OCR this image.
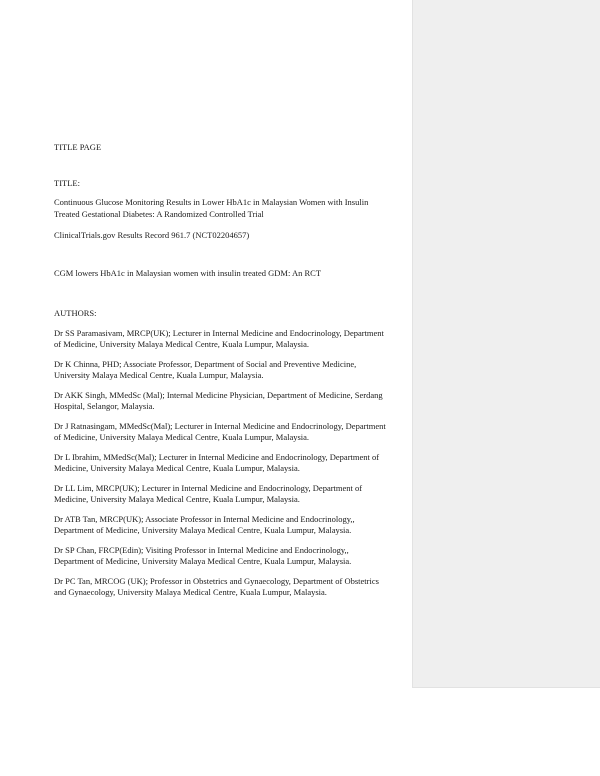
TITLE PAGE

TITLE:

Continuous Glucose Monitoring Results in Lower HbA1c in Malaysian Women with Insulin

Treated Gestational Diabetes: A Randomized Controlled Trial

ClinicalTrials.gov Results Record 961.7 (NCT02204657)

CGM lowers HbA1c in Malaysian women with insulin treated GDM: An RCT

AUTHORS:

Dr SS Paramasivam, MRCP(UK); Lecturer in Internal Medicine and Endocrinology, Department

of Medicine, University Malaya Medical Centre, Kuala Lumpur, Malaysia.

Dr K Chinna, PHD; Associate Professor, Department of Social and Preventive Medicine,

University Malaya Medical Centre, Kuala Lumpur, Malaysia.

Dr AKK Singh, MMedSc (Mal); Internal Medicine Physician, Department of Medicine, Serdang

Hospital, Selangor, Malaysia.

Dr J Ratnasingam, MMedSc(Mal); Lecturer in Internal Medicine and Endocrinology, Department

of Medicine, University Malaya Medical Centre, Kuala Lumpur, Malaysia.

Dr L Ibrahim, MMedSc(Mal); Lecturer in Internal Medicine and Endocrinology, Department of

Medicine, University Malaya Medical Centre, Kuala Lumpur, Malaysia.

Dr LL Lim, MRCP(UK); Lecturer in Internal Medicine and Endocrinology, Department of

Medicine, University Malaya Medical Centre, Kuala Lumpur, Malaysia.

Dr ATB Tan, MRCP(UK); Associate Professor in Internal Medicine and Endocrinology,,

Department of Medicine, University Malaya Medical Centre, Kuala Lumpur, Malaysia.

Dr SP Chan, FRCP(Edin); Visiting Professor in Internal Medicine and Endocrinology,,

Department of Medicine, University Malaya Medical Centre, Kuala Lumpur, Malaysia.

Dr PC Tan, MRCOG (UK); Professor in Obstetrics and Gynaecology, Department of Obstetrics

and Gynaecology, University Malaya Medical Centre, Kuala Lumpur, Malaysia.
